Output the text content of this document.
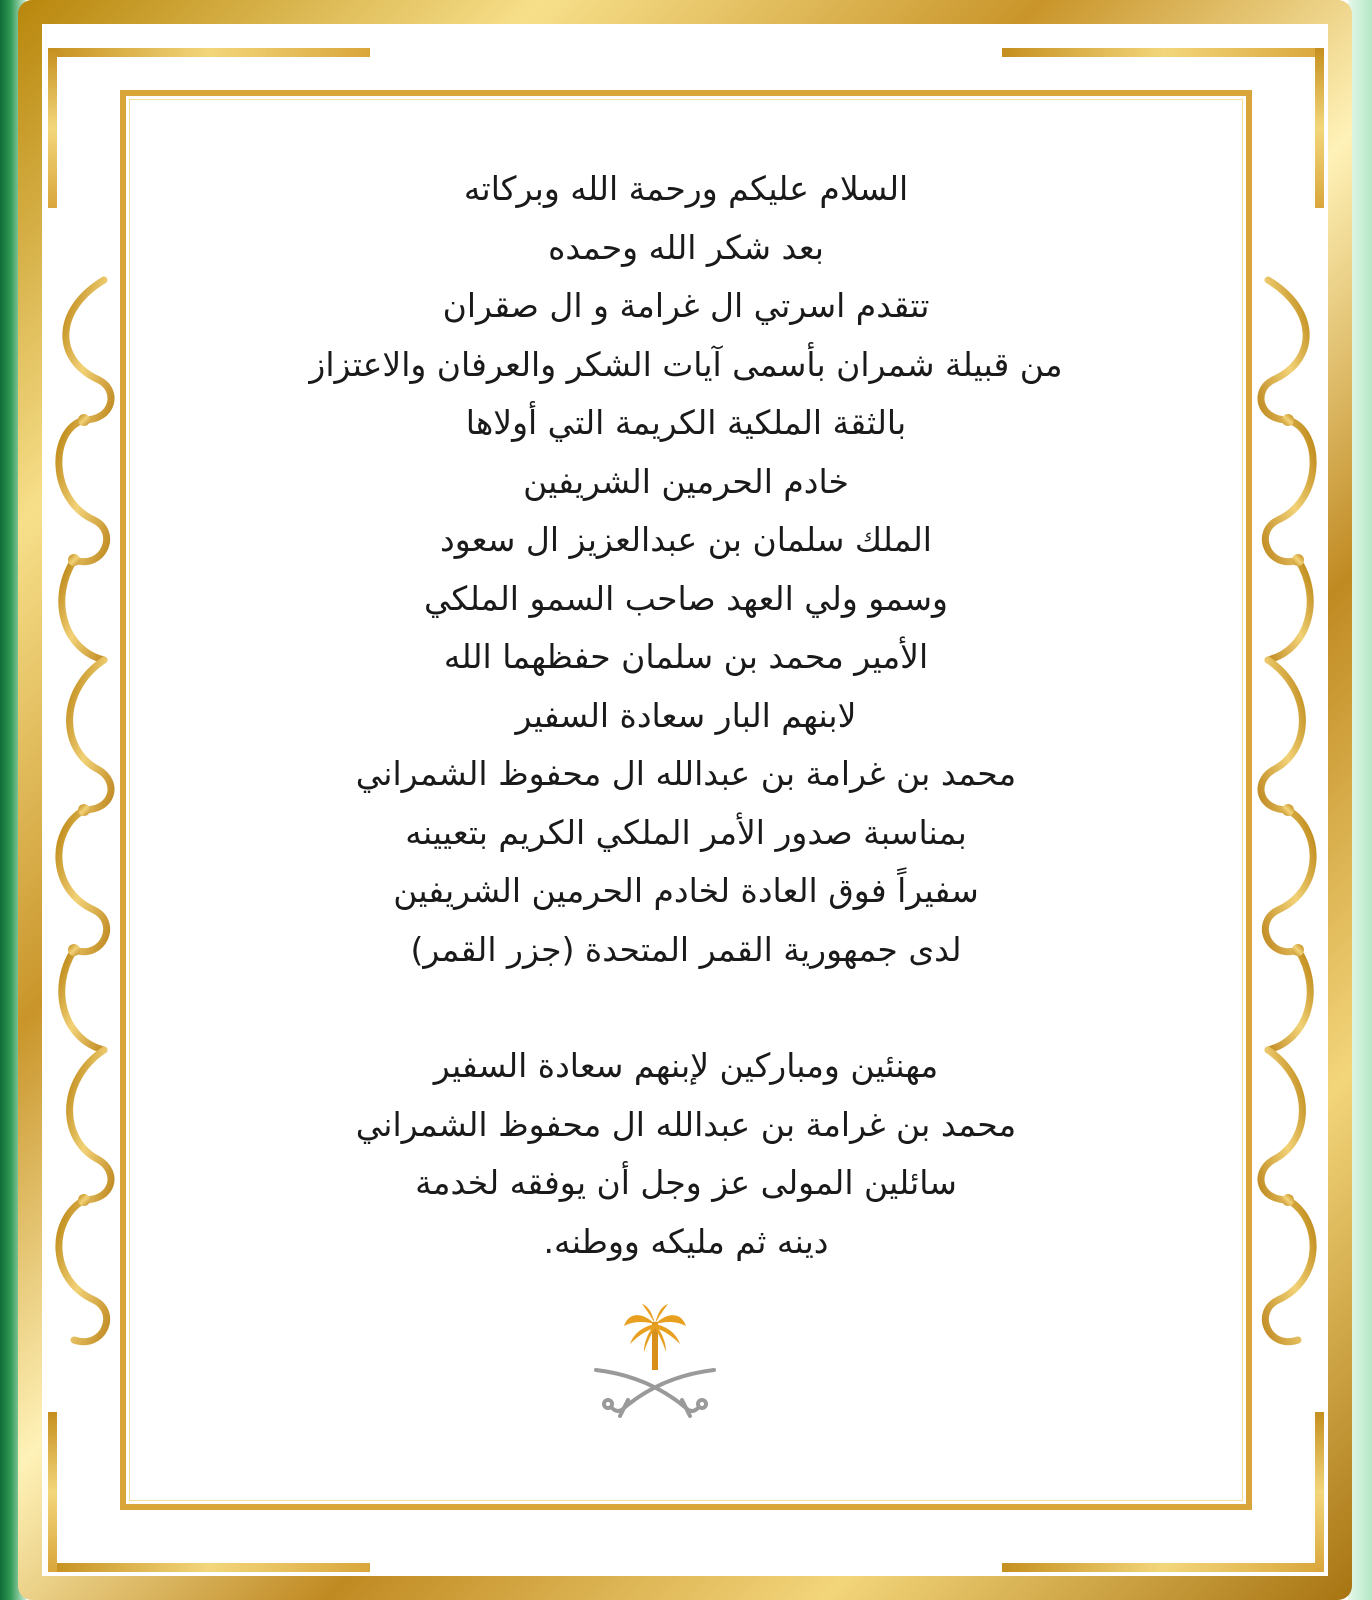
السلام عليكم ورحمة الله وبركاته

بعد شكر الله وحمده

تتقدم اسرتي ال غرامة و ال صقران

من قبيلة شمران بأسمى آيات الشكر والعرفان والاعتزاز

بالثقة الملكية الكريمة التي أولاها

خادم الحرمين الشريفين

الملك سلمان بن عبدالعزيز ال سعود

وسمو ولي العهد صاحب السمو الملكي

الأمير محمد بن سلمان حفظهما الله

لابنهم البار سعادة السفير

محمد بن غرامة بن عبدالله ال محفوظ الشمراني

بمناسبة صدور الأمر الملكي الكريم بتعيينه

سفيراً فوق العادة لخادم الحرمين الشريفين

لدى جمهورية القمر المتحدة (جزر القمر)

مهنئين ومباركين لإبنهم سعادة السفير

محمد بن غرامة بن عبدالله ال محفوظ الشمراني

سائلين المولى عز وجل أن يوفقه لخدمة

دينه ثم مليكه ووطنه.
